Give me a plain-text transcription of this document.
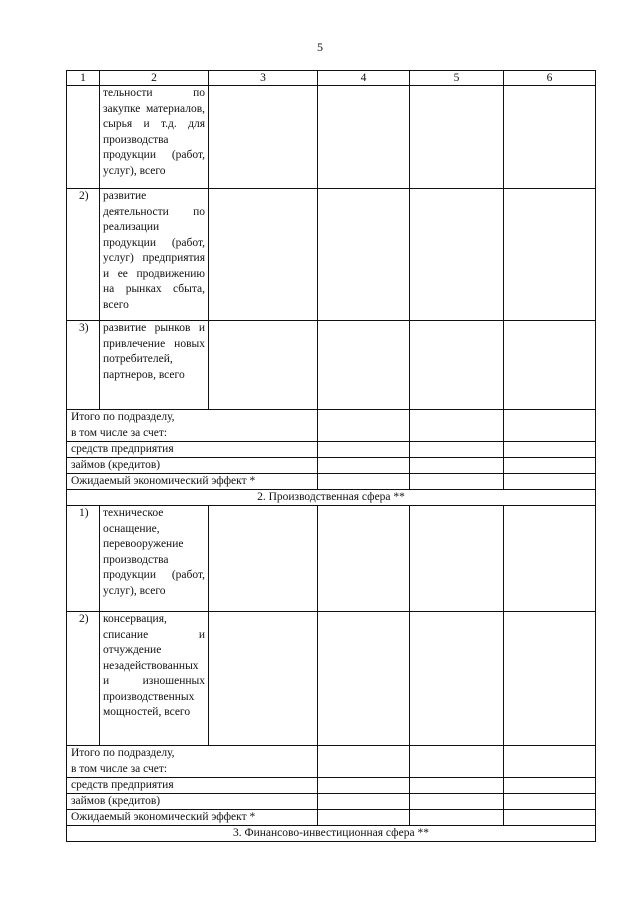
5
1	2	3	4	5	6
	тельности по закупке материалов, сырья и т.д. для производства продукции (работ, услуг), всего				
2)	развитие деятельности по реализации продукции (работ, услуг) предприятия и ее продвижению на рынках сбыта, всего				
3)	развитие рынков и привлечение новых потребителей, партнеров, всего				
Итого по подразделу,
в том числе за счет:					
средств предприятия					
займов (кредитов)					
Ожидаемый экономический эффект *					
2. Производственная сфера **					
1)	техническое оснащение, перевооружение производства продукции (работ, услуг), всего				
2)	консервация, списание и отчуждение незадействованных и изношенных производственных мощностей, всего				
Итого по подразделу,
в том числе за счет:					
средств предприятия					
займов (кредитов)					
Ожидаемый экономический эффект *					
3. Финансово-инвестиционная сфера **					
